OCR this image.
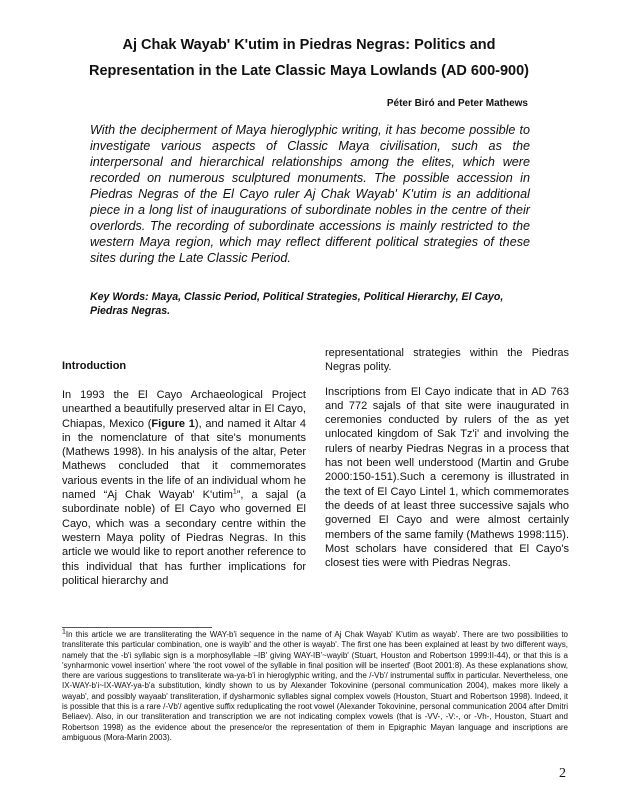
Aj Chak Wayab' K'utim in Piedras Negras: Politics and
Representation in the Late Classic Maya Lowlands (AD 600-900)
Péter Biró and Peter Mathews
With the decipherment of Maya hieroglyphic writing, it has become possible to investigate various aspects of Classic Maya civilisation, such as the interpersonal and hierarchical relationships among the elites, which were recorded on numerous sculptured monuments. The possible accession in Piedras Negras of the El Cayo ruler Aj Chak Wayab' K'utim is an additional piece in a long list of inaugurations of subordinate nobles in the centre of their overlords. The recording of subordinate accessions is mainly restricted to the western Maya region, which may reflect different political strategies of these sites during the Late Classic Period.
Key Words: Maya, Classic Period, Political Strategies, Political Hierarchy, El Cayo, Piedras Negras.
Introduction

In 1993 the El Cayo Archaeological Project unearthed a beautifully preserved altar in El Cayo, Chiapas, Mexico (Figure 1), and named it Altar 4 in the nomenclature of that site's monuments (Mathews 1998). In his analysis of the altar, Peter Mathews concluded that it commemorates various events in the life of an individual whom he named “Aj Chak Wayab' K'utim$^1$”, a sajal (a subordinate noble) of El Cayo who governed El Cayo, which was a secondary centre within the western Maya polity of Piedras Negras. In this article we would like to report another reference to this individual that has further implications for political hierarchy and

representational strategies within the Piedras Negras polity.

Inscriptions from El Cayo indicate that in AD 763 and 772 sajals of that site were inaugurated in ceremonies conducted by rulers of the as yet unlocated kingdom of Sak Tz'i' and involving the rulers of nearby Piedras Negras in a process that has not been well understood (Martin and Grube 2000:150-151).Such a ceremony is illustrated in the text of El Cayo Lintel 1, which commemorates the deeds of at least three successive sajals who governed El Cayo and were almost certainly members of the same family (Mathews 1998:115). Most scholars have considered that El Cayo's closest ties were with Piedras Negras.

$^1$In this article we are transliterating the WAY-b'i sequence in the name of Aj Chak Wayab' K'utim as wayab'. There are two possibilities to transliterate this particular combination, one is wayib' and the other is wayab'. The first one has been explained at least by two different ways, namely that the -b'i syllabic sign is a morphosyllable –IB' giving WAY-IB'~wayib' (Stuart, Houston and Robertson 1999:II-44), or that this is a 'synharmonic vowel insertion' where 'the root vowel of the syllable in final position will be inserted' (Boot 2001:8). As these explanations show, there are various suggestions to transliterate wa-ya-b'i in hieroglyphic writing, and the /-Vb'/ instrumental suffix in particular. Nevertheless, one IX-WAY-b'i~IX-WAY-ya-b'a substitution, kindly shown to us by Alexander Tokovinine (personal communication 2004), makes more likely a wayab', and possibly wayaab' transliteration, if dysharmonic syllables signal complex vowels (Houston, Stuart and Robertson 1998). Indeed, it is possible that this is a rare /-Vb'/ agentive suffix reduplicating the root vowel (Alexander Tokovinine, personal communication 2004 after Dmitri Beliaev). Also, in our transliteration and transcription we are not indicating complex vowels (that is -VV-, -V:-, or -Vh-, Houston, Stuart and Robertson 1998) as the evidence about the presence/or the representation of them in Epigraphic Mayan language and inscriptions are ambiguous (Mora-Marin 2003).
2
